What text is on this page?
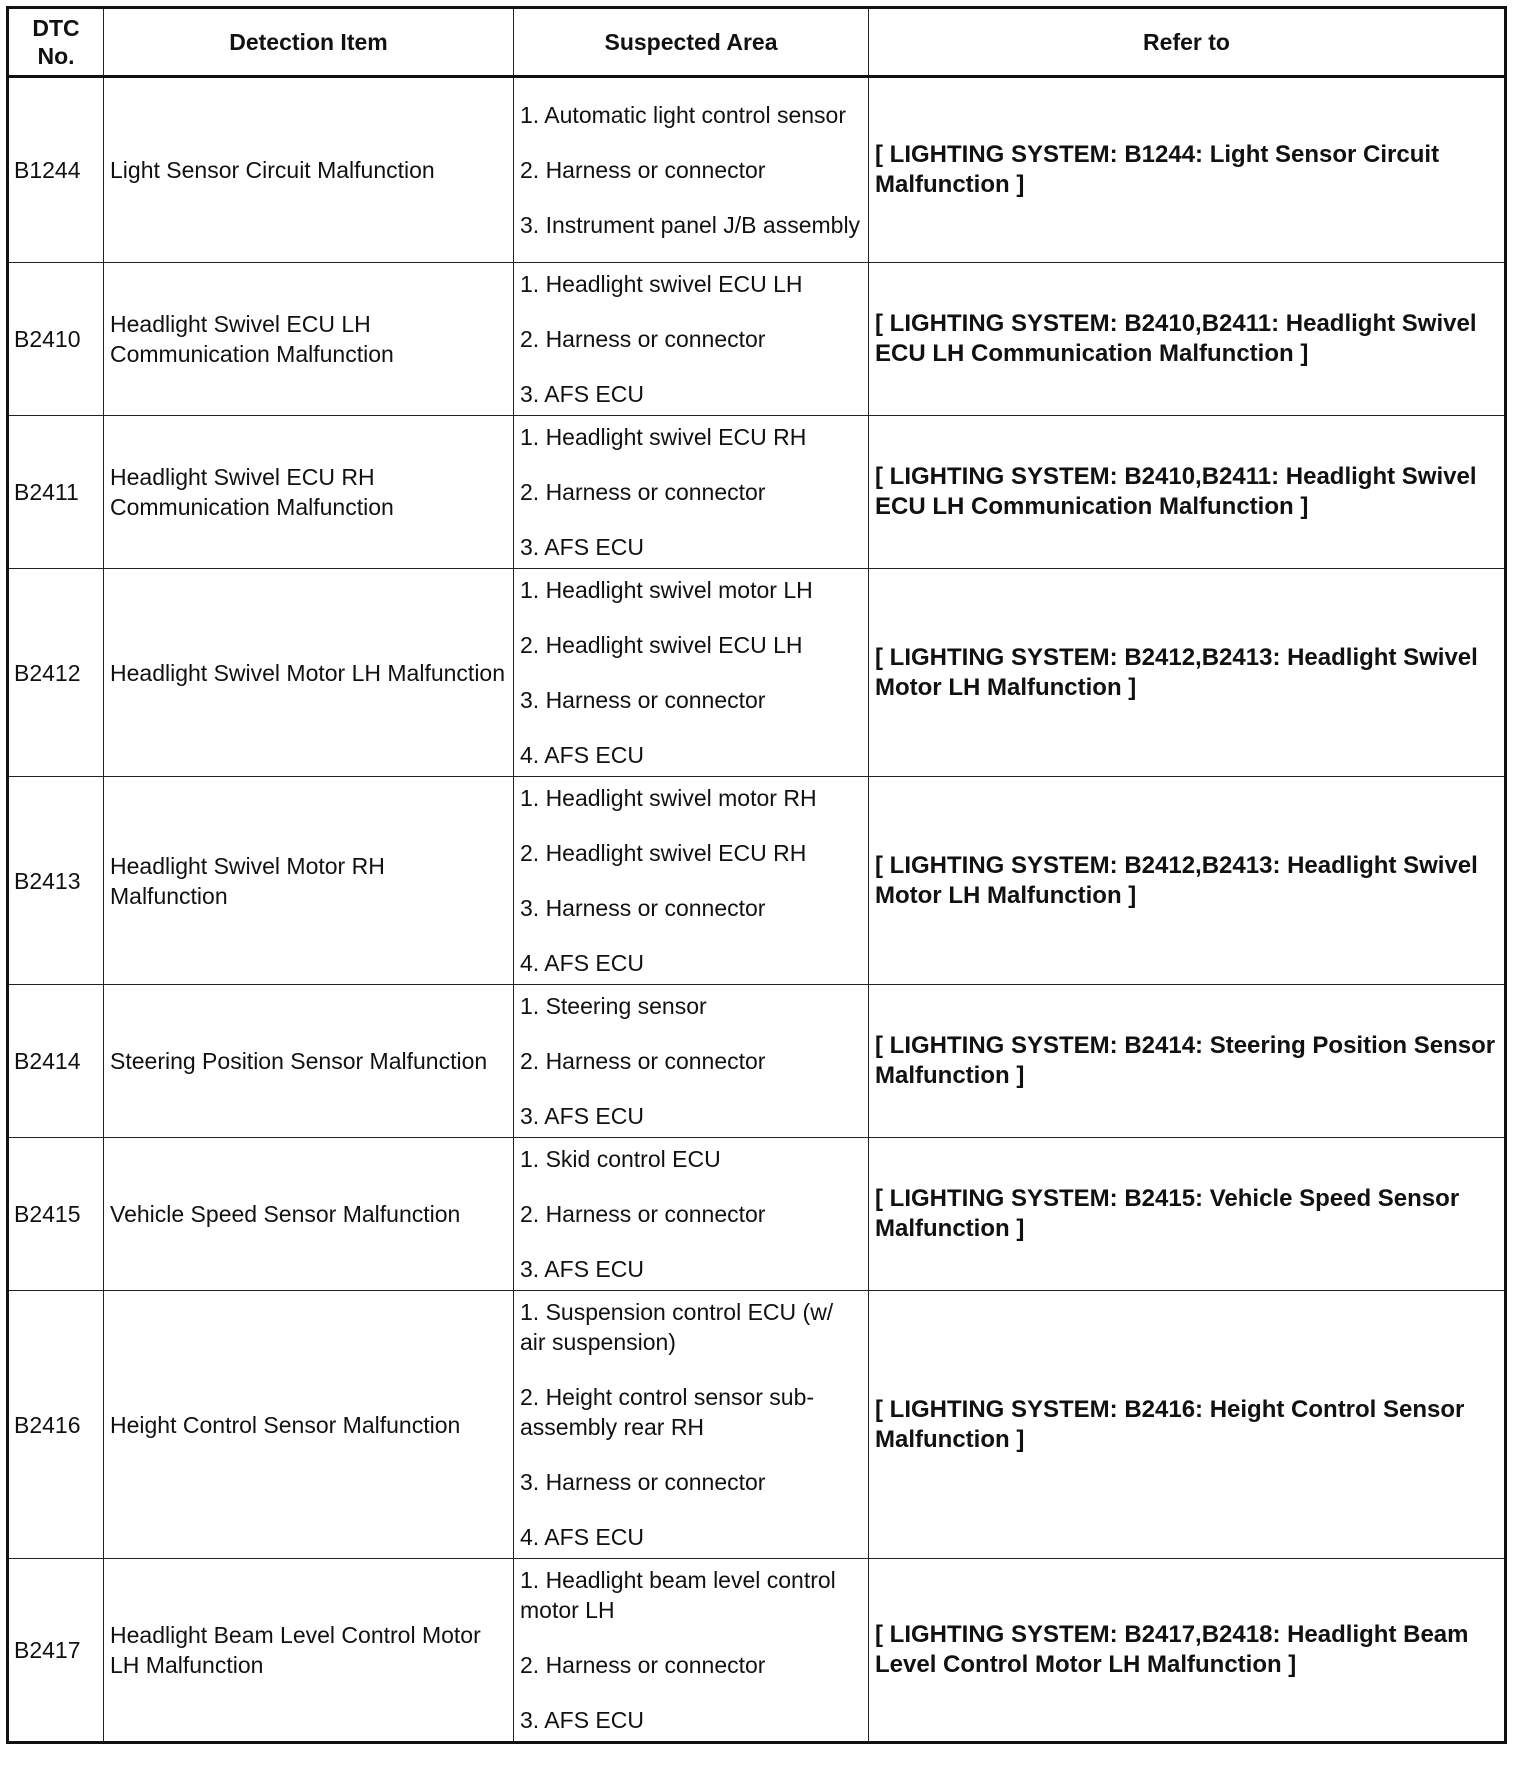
DTC No.	Detection Item	Suspected Area	Refer to
B1244	Light Sensor Circuit Malfunction	1. Automatic light control sensor
2. Harness or connector
3. Instrument panel J/B assembly	[ LIGHTING SYSTEM: B1244: Light Sensor Circuit Malfunction ]
B2410	Headlight Swivel ECU LH Communication Malfunction	1. Headlight swivel ECU LH
2. Harness or connector
3. AFS ECU	[ LIGHTING SYSTEM: B2410,B2411: Headlight Swivel ECU LH Communication Malfunction ]
B2411	Headlight Swivel ECU RH Communication Malfunction	1. Headlight swivel ECU RH
2. Harness or connector
3. AFS ECU	[ LIGHTING SYSTEM: B2410,B2411: Headlight Swivel ECU LH Communication Malfunction ]
B2412	Headlight Swivel Motor LH Malfunction	1. Headlight swivel motor LH
2. Headlight swivel ECU LH
3. Harness or connector
4. AFS ECU	[ LIGHTING SYSTEM: B2412,B2413: Headlight Swivel Motor LH Malfunction ]
B2413	Headlight Swivel Motor RH Malfunction	1. Headlight swivel motor RH
2. Headlight swivel ECU RH
3. Harness or connector
4. AFS ECU	[ LIGHTING SYSTEM: B2412,B2413: Headlight Swivel Motor LH Malfunction ]
B2414	Steering Position Sensor Malfunction	1. Steering sensor
2. Harness or connector
3. AFS ECU	[ LIGHTING SYSTEM: B2414: Steering Position Sensor Malfunction ]
B2415	Vehicle Speed Sensor Malfunction	1. Skid control ECU
2. Harness or connector
3. AFS ECU	[ LIGHTING SYSTEM: B2415: Vehicle Speed Sensor Malfunction ]
B2416	Height Control Sensor Malfunction	1. Suspension control ECU (w/ air suspension)
2. Height control sensor sub-assembly rear RH
3. Harness or connector
4. AFS ECU	[ LIGHTING SYSTEM: B2416: Height Control Sensor Malfunction ]
B2417	Headlight Beam Level Control Motor LH Malfunction	1. Headlight beam level control motor LH
2. Harness or connector
3. AFS ECU	[ LIGHTING SYSTEM: B2417,B2418: Headlight Beam Level Control Motor LH Malfunction ]
